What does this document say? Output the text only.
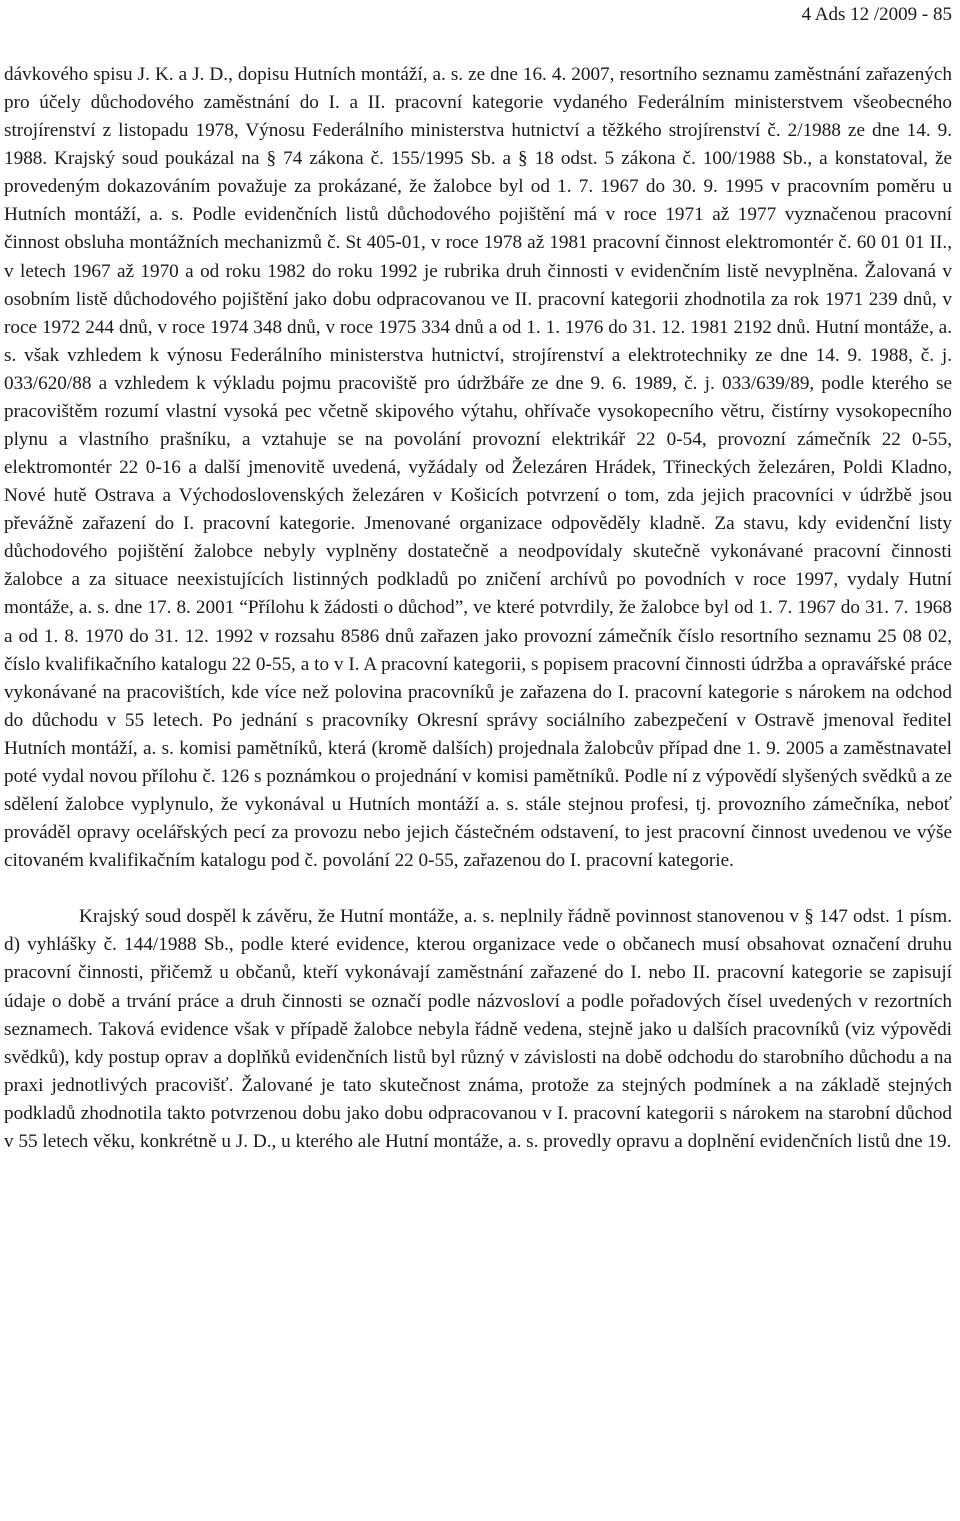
4 Ads 12 /2009 - 85

dávkového spisu J. K. a J. D., dopisu Hutních montáží, a. s. ze dne 16. 4. 2007, resortního seznamu zaměstnání zařazených pro účely důchodového zaměstnání do I. a II. pracovní kategorie vydaného Federálním ministerstvem všeobecného strojírenství z listopadu 1978, Výnosu Federálního ministerstva hutnictví a těžkého strojírenství č. 2/1988 ze dne 14. 9. 1988. Krajský soud poukázal na § 74 zákona č. 155/1995 Sb. a § 18 odst. 5 zákona č. 100/1988 Sb., a konstatoval, že provedeným dokazováním považuje za prokázané, že žalobce byl od 1. 7. 1967 do 30. 9. 1995 v pracovním poměru u Hutních montáží, a. s. Podle evidenčních listů důchodového pojištění má v roce 1971 až 1977 vyznačenou pracovní činnost obsluha montážních mechanizmů č. St 405-01, v roce 1978 až 1981 pracovní činnost elektromontér č. 60 01 01 II., v letech 1967 až 1970 a od roku 1982 do roku 1992 je rubrika druh činnosti v evidenčním listě nevyplněna. Žalovaná v osobním listě důchodového pojištění jako dobu odpracovanou ve II. pracovní kategorii zhodnotila za rok 1971 239 dnů, v roce 1972 244 dnů, v roce 1974 348 dnů, v roce 1975 334 dnů a od 1. 1. 1976 do 31. 12. 1981 2192 dnů. Hutní montáže, a. s. však vzhledem k výnosu Federálního ministerstva hutnictví, strojírenství a elektrotechniky ze dne 14. 9. 1988, č. j. 033/620/88 a vzhledem k výkladu pojmu pracoviště pro údržbáře ze dne 9. 6. 1989, č. j. 033/639/89, podle kterého se pracovištěm rozumí vlastní vysoká pec včetně skipového výtahu, ohřívače vysokopecního větru, čistírny vysokopecního plynu a vlastního prašníku, a vztahuje se na povolání provozní elektrikář 22 0-54, provozní zámečník 22 0-55, elektromontér 22 0-16 a další jmenovitě uvedená, vyžádaly od Železáren Hrádek, Třineckých železáren, Poldi Kladno, Nové hutě Ostrava a Východoslovenských železáren v Košicích potvrzení o tom, zda jejich pracovníci v údržbě jsou převážně zařazení do I. pracovní kategorie. Jmenované organizace odpověděly kladně. Za stavu, kdy evidenční listy důchodového pojištění žalobce nebyly vyplněny dostatečně a neodpovídaly skutečně vykonávané pracovní činnosti žalobce a za situace neexistujících listinných podkladů po zničení archívů po povodních v roce 1997, vydaly Hutní montáže, a. s. dne 17. 8. 2001 “Přílohu k žádosti o důchod”, ve které potvrdily, že žalobce byl od 1. 7. 1967 do 31. 7. 1968 a od 1. 8. 1970 do 31. 12. 1992 v rozsahu 8586 dnů zařazen jako provozní zámečník číslo resortního seznamu 25 08 02, číslo kvalifikačního katalogu 22 0-55, a to v I. A pracovní kategorii, s popisem pracovní činnosti údržba a opravářské práce vykonávané na pracovištích, kde více než polovina pracovníků je zařazena do I. pracovní kategorie s nárokem na odchod do důchodu v 55 letech. Po jednání s pracovníky Okresní správy sociálního zabezpečení v Ostravě jmenoval ředitel Hutních montáží, a. s. komisi pamětníků, která (kromě dalších) projednala žalobcův případ dne 1. 9. 2005 a zaměstnavatel poté vydal novou přílohu č. 126 s poznámkou o projednání v komisi pamětníků. Podle ní z výpovědí slyšených svědků a ze sdělení žalobce vyplynulo, že vykonával u Hutních montáží a. s. stále stejnou profesi, tj. provozního zámečníka, neboť prováděl opravy ocelářských pecí za provozu nebo jejich částečném odstavení, to jest pracovní činnost uvedenou ve výše citovaném kvalifikačním katalogu pod č. povolání 22 0-55, zařazenou do I. pracovní kategorie.

Krajský soud dospěl k závěru, že Hutní montáže, a. s. neplnily řádně povinnost stanovenou v § 147 odst. 1 písm. d) vyhlášky č. 144/1988 Sb., podle které evidence, kterou organizace vede o občanech musí obsahovat označení druhu pracovní činnosti, přičemž u občanů, kteří vykonávají zaměstnání zařazené do I. nebo II. pracovní kategorie se zapisují údaje o době a trvání práce a druh činnosti se označí podle názvosloví a podle pořadových čísel uvedených v rezortních seznamech. Taková evidence však v případě žalobce nebyla řádně vedena, stejně jako u dalších pracovníků (viz výpovědi svědků), kdy postup oprav a doplňků evidenčních listů byl různý v závislosti na době odchodu do starobního důchodu a na praxi jednotlivých pracovišť. Žalované je tato skutečnost známa, protože za stejných podmínek a na základě stejných podkladů zhodnotila takto potvrzenou dobu jako dobu odpracovanou v I. pracovní kategorii s nárokem na starobní důchod v 55 letech věku, konkrétně u J. D., u kterého ale Hutní montáže, a. s. provedly opravu a doplnění evidenčních listů dne 19.
